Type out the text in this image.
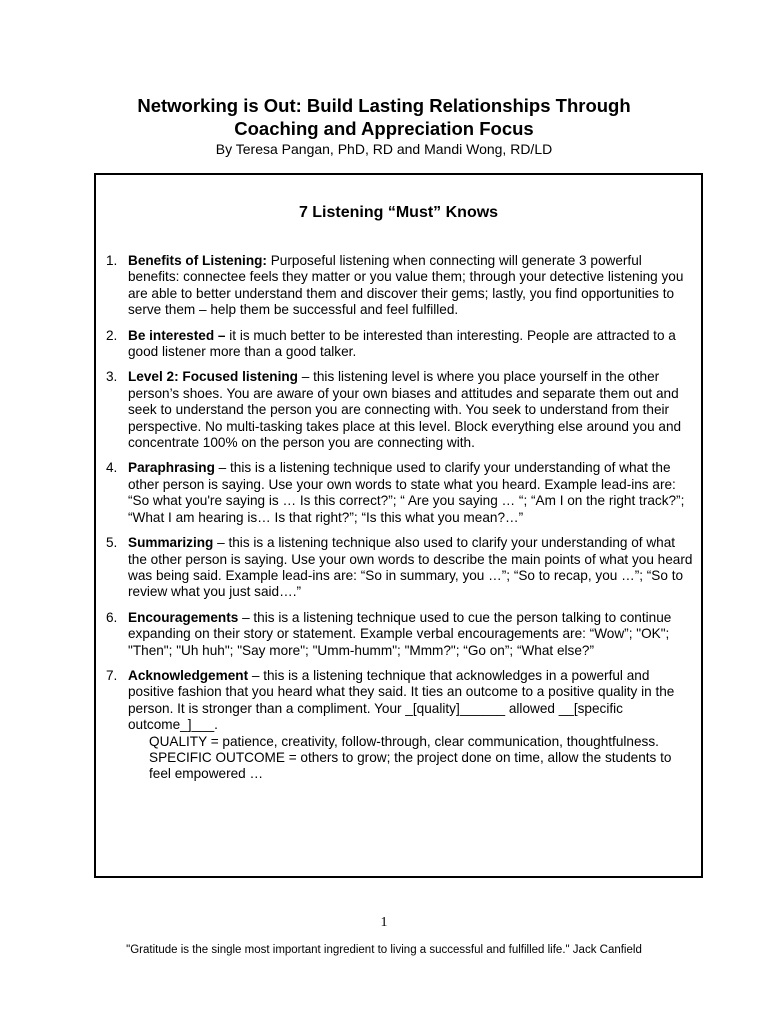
Networking is Out: Build Lasting Relationships Through
Coaching and Appreciation Focus
By Teresa Pangan, PhD, RD and Mandi Wong, RD/LD
7 Listening “Must” Knows
1. Benefits of Listening: Purposeful listening when connecting will generate 3 powerful benefits: connectee feels they matter or you value them; through your detective listening you are able to better understand them and discover their gems; lastly, you find opportunities to serve them – help them be successful and feel fulfilled.
2. Be interested – it is much better to be interested than interesting. People are attracted to a good listener more than a good talker.
3. Level 2: Focused listening – this listening level is where you place yourself in the other person’s shoes. You are aware of your own biases and attitudes and separate them out and seek to understand the person you are connecting with. You seek to understand from their perspective. No multi-tasking takes place at this level. Block everything else around you and concentrate 100% on the person you are connecting with.
4. Paraphrasing – this is a listening technique used to clarify your understanding of what the other person is saying. Use your own words to state what you heard. Example lead-ins are: “So what you're saying is … Is this correct?”; “ Are you saying … “; “Am I on the right track?”; “What I am hearing is… Is that right?”; “Is this what you mean?…”
5. Summarizing – this is a listening technique also used to clarify your understanding of what the other person is saying. Use your own words to describe the main points of what you heard was being said. Example lead-ins are: “So in summary, you …”; “So to recap, you …”; “So to review what you just said….”
6. Encouragements – this is a listening technique used to cue the person talking to continue expanding on their story or statement. Example verbal encouragements are: “Wow”; "OK"; "Then"; "Uh huh"; "Say more"; "Umm-humm"; "Mmm?"; “Go on”; “What else?”
7. Acknowledgement – this is a listening technique that acknowledges in a powerful and positive fashion that you heard what they said. It ties an outcome to a positive quality in the person. It is stronger than a compliment. Your _[quality]______ allowed __[specific outcome_]___.
QUALITY = patience, creativity, follow-through, clear communication, thoughtfulness.
SPECIFIC OUTCOME = others to grow; the project done on time, allow the students to feel empowered …
1
"Gratitude is the single most important ingredient to living a successful and fulfilled life." Jack Canfield
